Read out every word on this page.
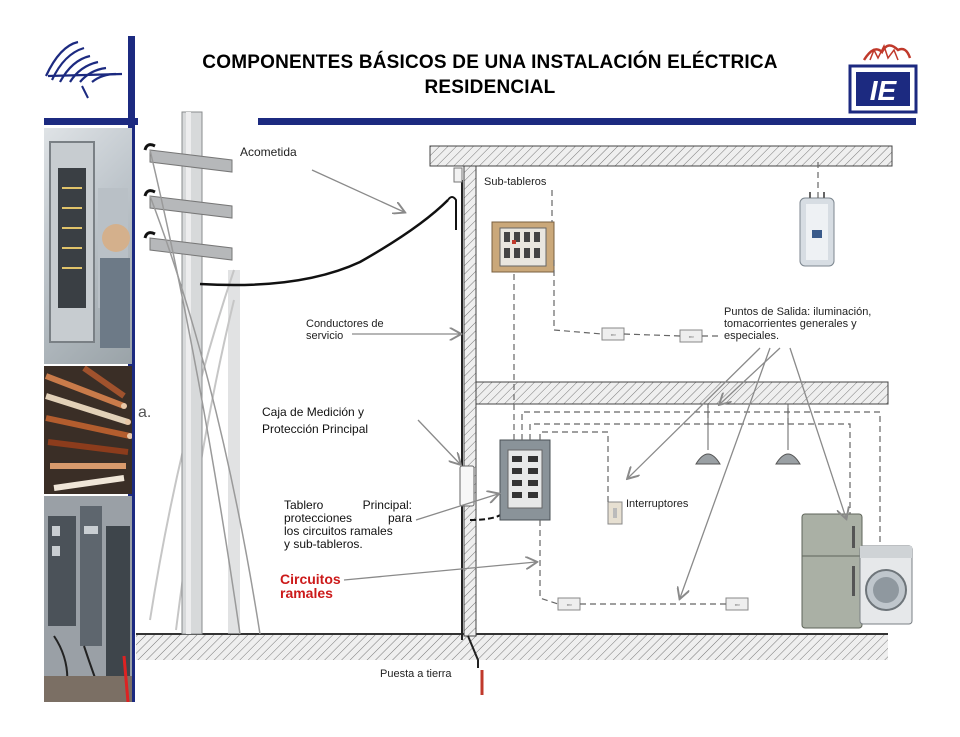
COMPONENTES BÁSICOS DE UNA INSTALACIÓN ELÉCTRICA
RESIDENCIAL	IE
▫▫	▫▫
▫▫	▫▫
Acometida
Sub-tableros
Conductores de
servicio
Puntos de Salida: iluminación,
tomacorrientes generales y
especiales.
Caja de Medición y
Protección Principal
Tablero Principal:
protecciones para
los circuitos ramales
y sub-tableros.
Interruptores
Circuitos
ramales
Puesta a tierra
a.
